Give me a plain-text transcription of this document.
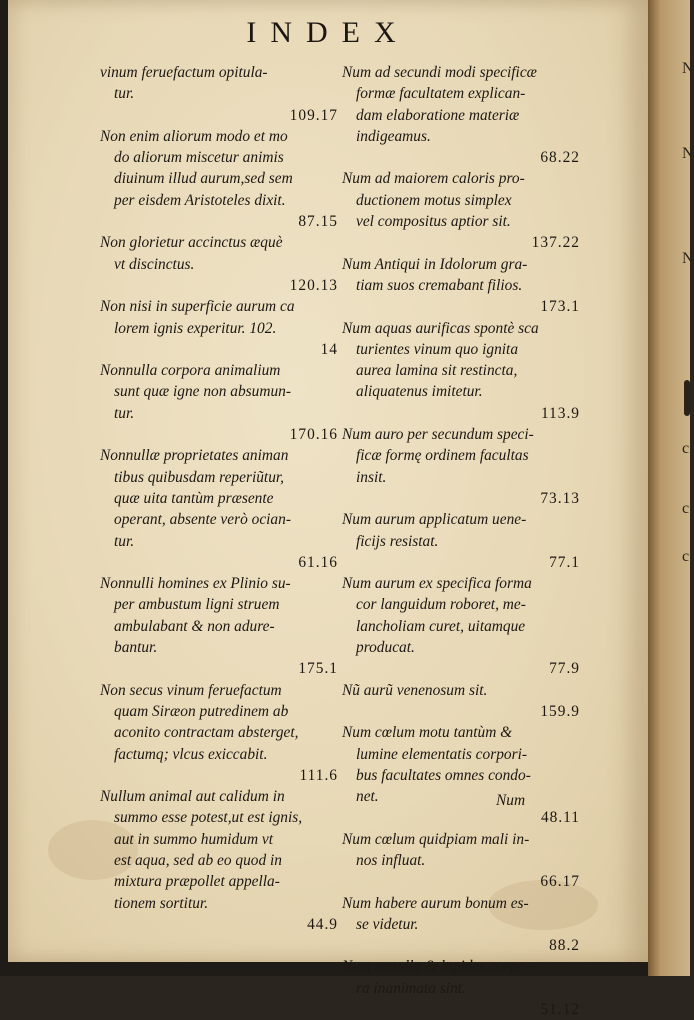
N
N
N
c
c
c
INDEX
vinum feruefactum opitula-
tur.
109.17

Non enim aliorum modo et mo
do aliorum miscetur animis
diuinum illud aurum,sed sem
per eisdem Aristoteles dixit.
87.15

Non glorietur accinctus æquè
vt discinctus.
120.13

Non nisi in superficie aurum ca
lorem ignis experitur. 102.
14

Nonnulla corpora animalium
sunt quæ igne non absumun-
tur.
170.16

Nonnullæ proprietates animan
tibus quibusdam reperiũtur,
quæ uita tantùm præsente
operant, absente verò ocian-
tur.
61.16

Nonnulli homines ex Plinio su-
per ambustum ligni struem
ambulabant & non adure-
bantur.
175.1

Non secus vinum feruefactum
quam Siræon putredinem ab
aconito contractam absterget,
factumq; vlcus exiccabit.
111.6

Nullum animal aut calidum in
summo esse potest,ut est ignis,
aut in summo humidum vt
est aqua, sed ab eo quod in
mixtura præpollet appella-
tionem sortitur.
44.9

Num ad secundi modi specificæ
formæ facultatem explican-
dam elaboratione materiæ
indigeamus.
68.22

Num ad maiorem caloris pro-
ductionem motus simplex
vel compositus aptior sit.
137.22

Num Antiqui in Idolorum gra-
tiam suos cremabant filios.
173.1

Num aquas aurificas spontè sca
turientes vinum quo ignita
aurea lamina sit restincta,
aliquatenus imitetur.
113.9

Num auro per secundum speci-
ficæ formę ordinem facultas
insit.
73.13

Num aurum applicatum uene-
ficijs resistat.
77.1

Num aurum ex specifica forma
cor languidum roboret, me-
lancholiam curet, uitamque
producat.
77.9

Nũ aurũ venenosum sit.
159.9

Num cœlum motu tantùm &
lumine elementatis corpori-
bus facultates omnes condo-
net.
48.11

Num cœlum quidpiam mali in-
nos influat.
66.17

Num habere aurum bonum es-
se videtur.
88.2

Num metalla & lapides corpo-
ra inanimata sint.
51.12

Num
